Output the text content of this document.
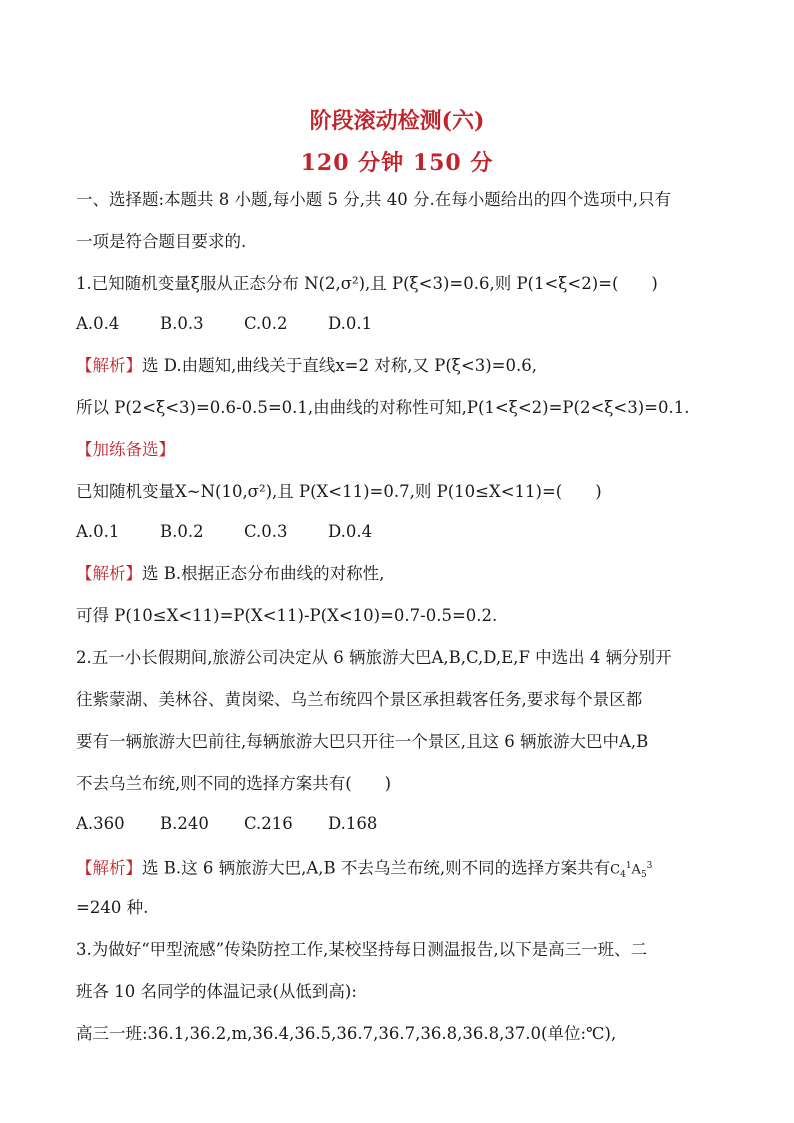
阶段滚动检测(六)
120 分钟 150 分
一、选择题:本题共 8 小题,每小题 5 分,共 40 分.在每小题给出的四个选项中,只有
一项是符合题目要求的.
1.已知随机变量ξ服从正态分布 N(2,σ²),且 P(ξ<3)=0.6,则 P(1<ξ<2)=(　　)
A.0.4 B.0.3 C.0.2 D.0.1
【解析】选 D.由题知,曲线关于直线x=2 对称,又 P(ξ<3)=0.6,
所以 P(2<ξ<3)=0.6-0.5=0.1,由曲线的对称性可知,P(1<ξ<2)=P(2<ξ<3)=0.1.
【加练备选】
已知随机变量X~N(10,σ²),且 P(X<11)=0.7,则 P(10≤X<11)=(　　)
A.0.1 B.0.2 C.0.3 D.0.4
【解析】选 B.根据正态分布曲线的对称性,
可得 P(10≤X<11)=P(X<11)-P(X<10)=0.7-0.5=0.2.
2.五一小长假期间,旅游公司决定从 6 辆旅游大巴A,B,C,D,E,F 中选出 4 辆分别开
往紫蒙湖、美林谷、黄岗梁、乌兰布统四个景区承担载客任务,要求每个景区都
要有一辆旅游大巴前往,每辆旅游大巴只开往一个景区,且这 6 辆旅游大巴中A,B
不去乌兰布统,则不同的选择方案共有(　　)
A.360 B.240 C.216 D.168
【解析】选 B.这 6 辆旅游大巴,A,B 不去乌兰布统,则不同的选择方案共有$C_4^1A_5^3$
=240 种.
3.为做好“甲型流感”传染防控工作,某校坚持每日测温报告,以下是高三一班、二
班各 10 名同学的体温记录(从低到高):
高三一班:36.1,36.2,m,36.4,36.5,36.7,36.7,36.8,36.8,37.0(单位:℃),
